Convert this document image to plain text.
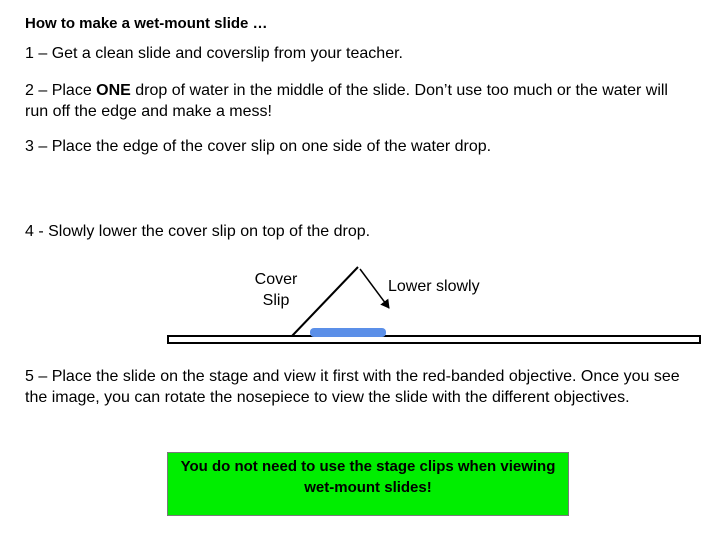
How to make a wet-mount slide …

1 – Get a clean slide and coverslip from your teacher.

2 – Place ONE drop of water in the middle of the slide. Don’t use too much or the water will run off the edge and make a mess!

3 – Place the edge of the cover slip on one side of the water drop.

4 - Slowly lower the cover slip on top of the drop.

Cover
Slip
Lower slowly

5 – Place the slide on the stage and view it first with the red-banded objective. Once you see the image, you can rotate the nosepiece to view the slide with the different objectives.

You do not need to use the stage clips when viewing wet-mount slides!
